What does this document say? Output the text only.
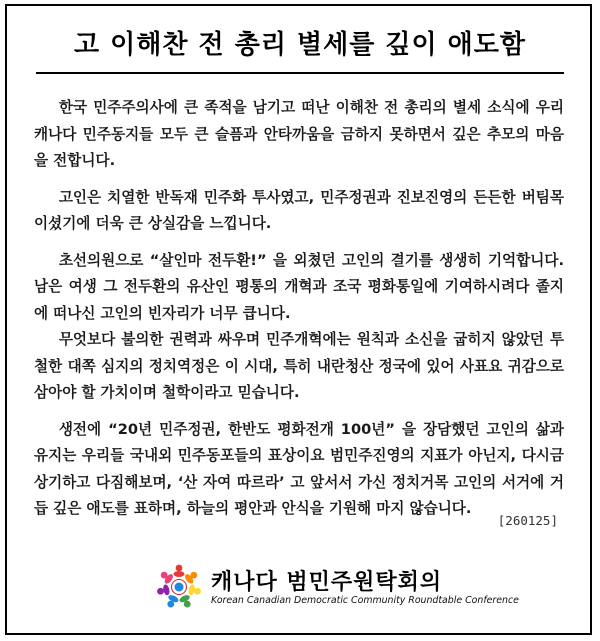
고 이해찬 전 총리 별세를 깊이 애도함

한국 민주주의사에 큰 족적을 남기고 떠난 이해찬 전 총리의 별세 소식에 우리 캐나다 민주동지들 모두 큰 슬픔과 안타까움을 금하지 못하면서 깊은 추모의 마음을 전합니다.

고인은 치열한 반독재 민주화 투사였고, 민주정권과 진보진영의 든든한 버팀목이셨기에 더욱 큰 상실감을 느낍니다.

초선의원으로 “살인마 전두환!” 을 외쳤던 고인의 결기를 생생히 기억합니다. 남은 여생 그 전두환의 유산인 평통의 개혁과 조국 평화통일에 기여하시려다 졸지에 떠나신 고인의 빈자리가 너무 큽니다.

무엇보다 불의한 권력과 싸우며 민주개혁에는 원칙과 소신을 굽히지 않았던 투철한 대쪽 심지의 정치역정은 이 시대, 특히 내란청산 정국에 있어 사표요 귀감으로 삼아야 할 가치이며 철학이라고 믿습니다.

생전에 “20년 민주정권, 한반도 평화전개 100년” 을 장담했던 고인의 삶과 유지는 우리들 국내외 민주동포들의 표상이요 범민주진영의 지표가 아닌지, 다시금 상기하고 다짐해보며, ‘산 자여 따르라’ 고 앞서서 가신 정치거목 고인의 서거에 거듭 깊은 애도를 표하며, 하늘의 평안과 안식을 기원해 마지 않습니다.

[260125]
캐나다 범민주원탁회의
Korean Canadian Democratic Community Roundtable Conference
